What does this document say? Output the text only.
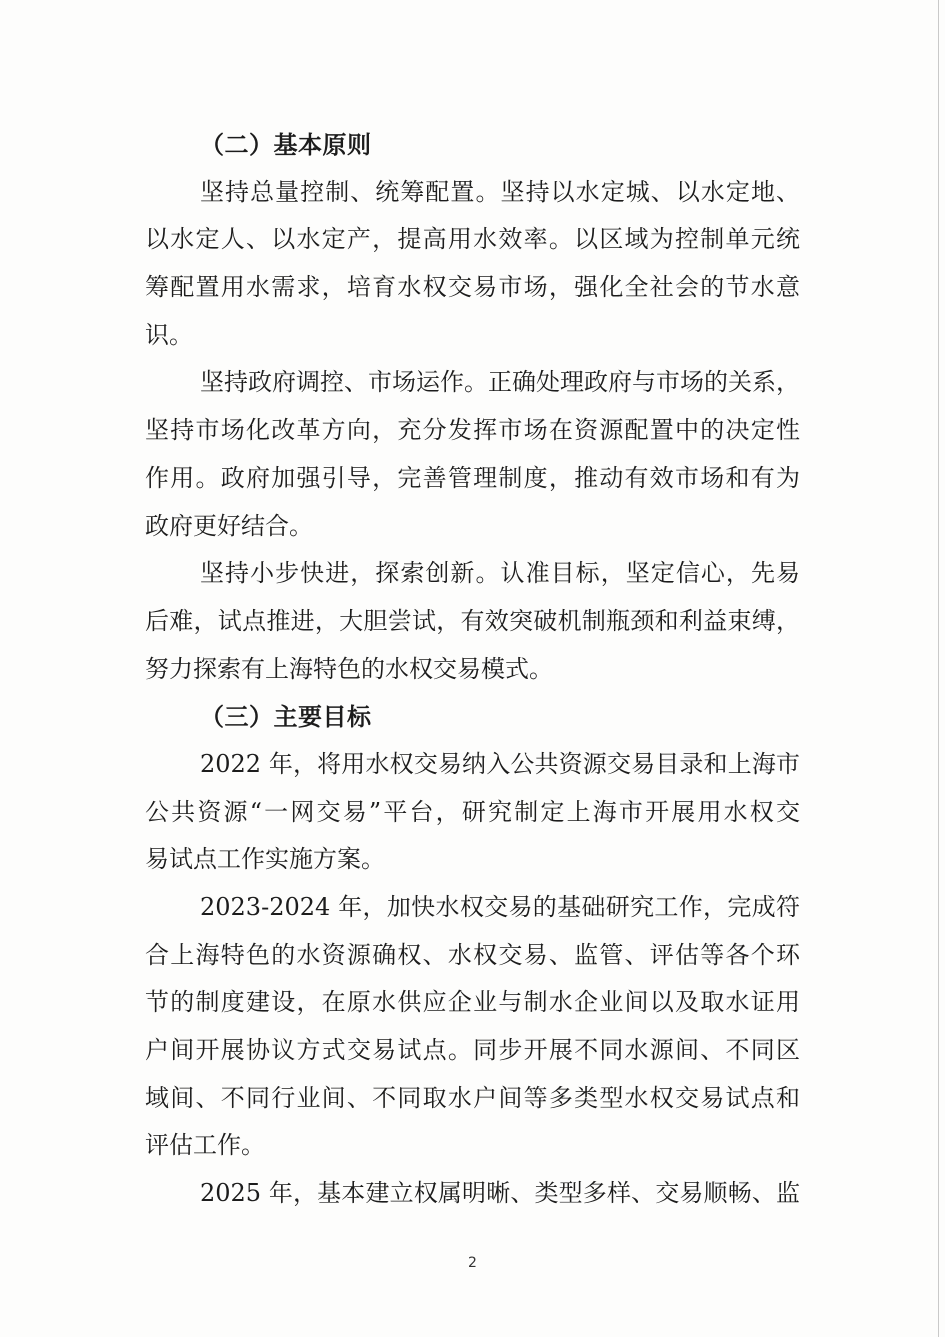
（二）基本原则
坚持总量控制、统筹配置。坚持以水定城、以水定地、
以水定人、以水定产，提高用水效率。以区域为控制单元统
筹配置用水需求，培育水权交易市场，强化全社会的节水意
识。
坚持政府调控、市场运作。正确处理政府与市场的关系，
坚持市场化改革方向，充分发挥市场在资源配置中的决定性
作用。政府加强引导，完善管理制度，推动有效市场和有为
政府更好结合。
坚持小步快进，探索创新。认准目标，坚定信心，先易
后难，试点推进，大胆尝试，有效突破机制瓶颈和利益束缚，
努力探索有上海特色的水权交易模式。
（三）主要目标
2022 年，将用水权交易纳入公共资源交易目录和上海市
公共资源“一网交易”平台，研究制定上海市开展用水权交
易试点工作实施方案。
2023-2024 年，加快水权交易的基础研究工作，完成符
合上海特色的水资源确权、水权交易、监管、评估等各个环
节的制度建设，在原水供应企业与制水企业间以及取水证用
户间开展协议方式交易试点。同步开展不同水源间、不同区
域间、不同行业间、不同取水户间等多类型水权交易试点和
评估工作。
2025 年，基本建立权属明晰、类型多样、交易顺畅、监
2
